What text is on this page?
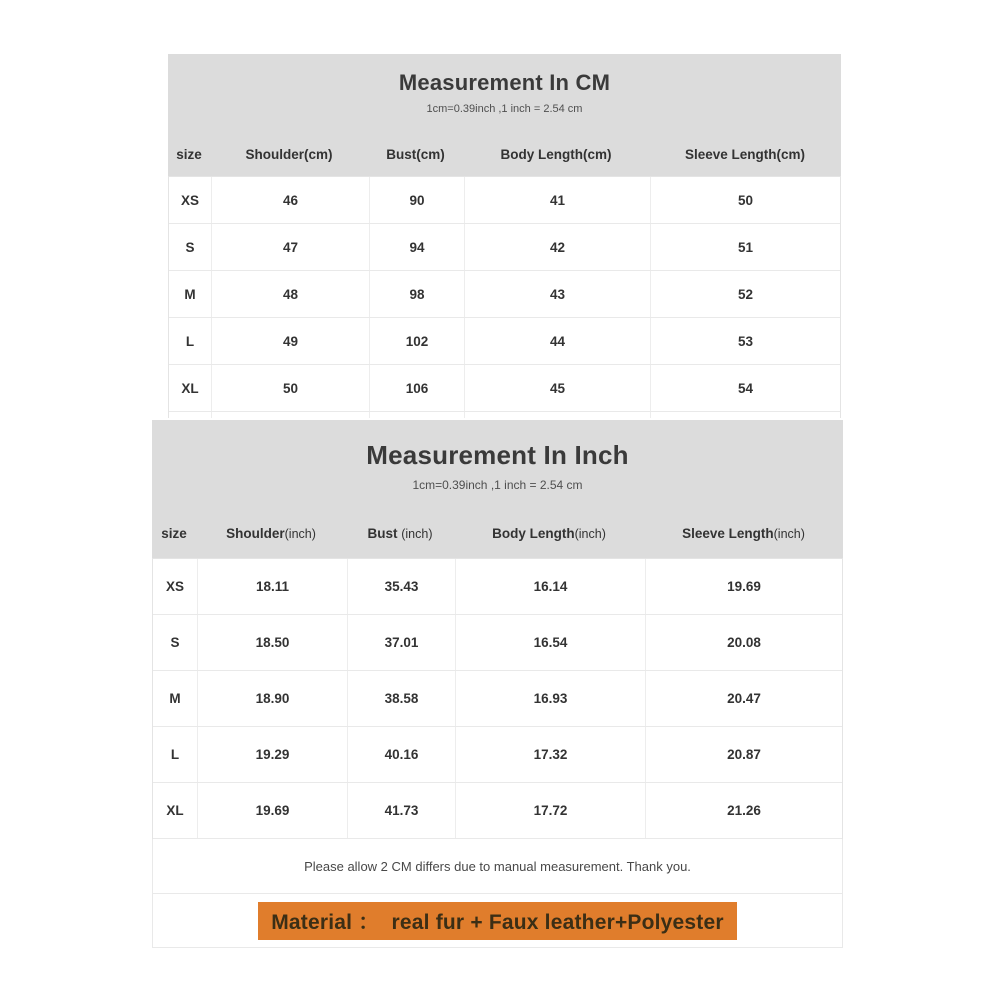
Measurement In CM

1cm=0.39inch ,1 inch = 2.54 cm

size	Shoulder(cm)	Bust(cm)	Body Length(cm)	Sleeve Length(cm)
XS	46	90	41	50
S	47	94	42	51
M	48	98	43	52
L	49	102	44	53
XL	50	106	45	54
Measurement In Inch

1cm=0.39inch ,1 inch = 2.54 cm

size	Shoulder(inch)	Bust (inch)	Body Length(inch)	Sleeve Length(inch)
XS	18.11	35.43	16.14	19.69
S	18.50	37.01	16.54	20.08
M	18.90	38.58	16.93	20.47
L	19.29	40.16	17.32	20.87
XL	19.69	41.73	17.72	21.26
Please allow 2 CM differs due to manual measurement. Thank you.
Material ：  real fur + Faux leather+Polyester
